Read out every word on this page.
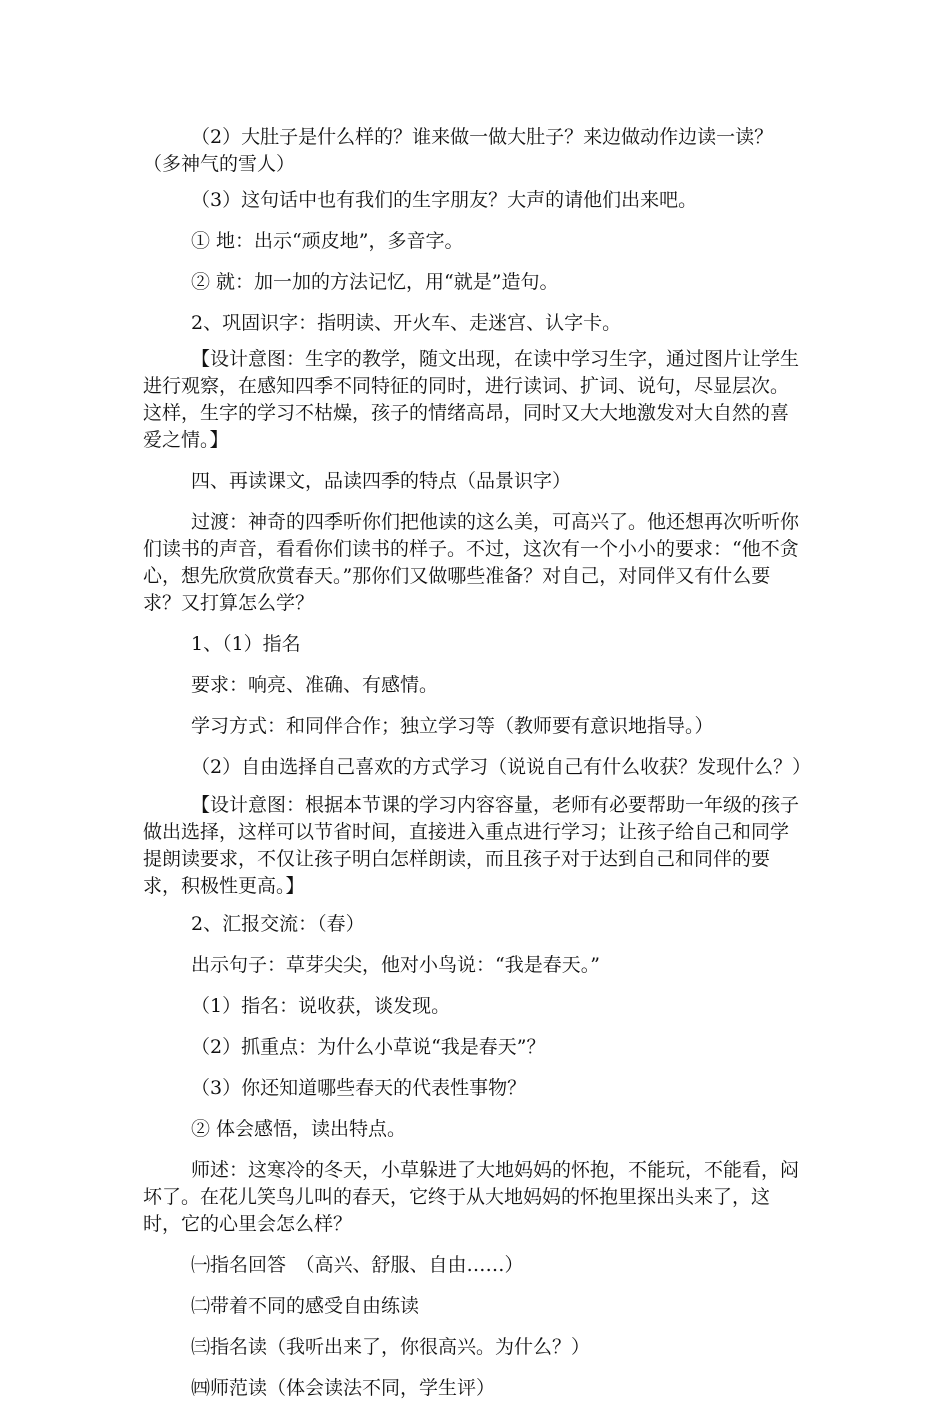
（2）大肚子是什么样的？谁来做一做大肚子？来边做动作边读一读？（多神气的雪人）

（3）这句话中也有我们的生字朋友？大声的请他们出来吧。

① 地：出示“顽皮地”，多音字。

② 就：加一加的方法记忆，用“就是”造句。

2、巩固识字：指明读、开火车、走迷宫、认字卡。

【设计意图：生字的教学，随文出现，在读中学习生字，通过图片让学生进行观察，在感知四季不同特征的同时，进行读词、扩词、说句，尽显层次。这样，生字的学习不枯燥，孩子的情绪高昂，同时又大大地激发对大自然的喜爱之情。】

四、再读课文，品读四季的特点（品景识字）

过渡：神奇的四季听你们把他读的这么美，可高兴了。他还想再次听听你们读书的声音，看看你们读书的样子。不过，这次有一个小小的要求：“他不贪心，想先欣赏欣赏春天。”那你们又做哪些准备？对自己，对同伴又有什么要求？又打算怎么学？

1、（1）指名

要求：响亮、准确、有感情。

学习方式：和同伴合作；独立学习等（教师要有意识地指导。）

（2）自由选择自己喜欢的方式学习（说说自己有什么收获？发现什么？）

【设计意图：根据本节课的学习内容容量，老师有必要帮助一年级的孩子做出选择，这样可以节省时间，直接进入重点进行学习；让孩子给自己和同学提朗读要求，不仅让孩子明白怎样朗读，而且孩子对于达到自己和同伴的要求，积极性更高。】

2、汇报交流：（春）

出示句子：草芽尖尖，他对小鸟说：“我是春天。”

（1）指名：说收获，谈发现。

（2）抓重点：为什么小草说“我是春天”？

（3）你还知道哪些春天的代表性事物？

② 体会感悟，读出特点。

师述：这寒冷的冬天，小草躲进了大地妈妈的怀抱，不能玩，不能看，闷坏了。在花儿笑鸟儿叫的春天，它终于从大地妈妈的怀抱里探出头来了，这时，它的心里会怎么样？

㈠指名回答　（高兴、舒服、自由……）

㈡带着不同的感受自由练读

㈢指名读（我听出来了，你很高兴。为什么？）

㈣师范读（体会读法不同，学生评）
